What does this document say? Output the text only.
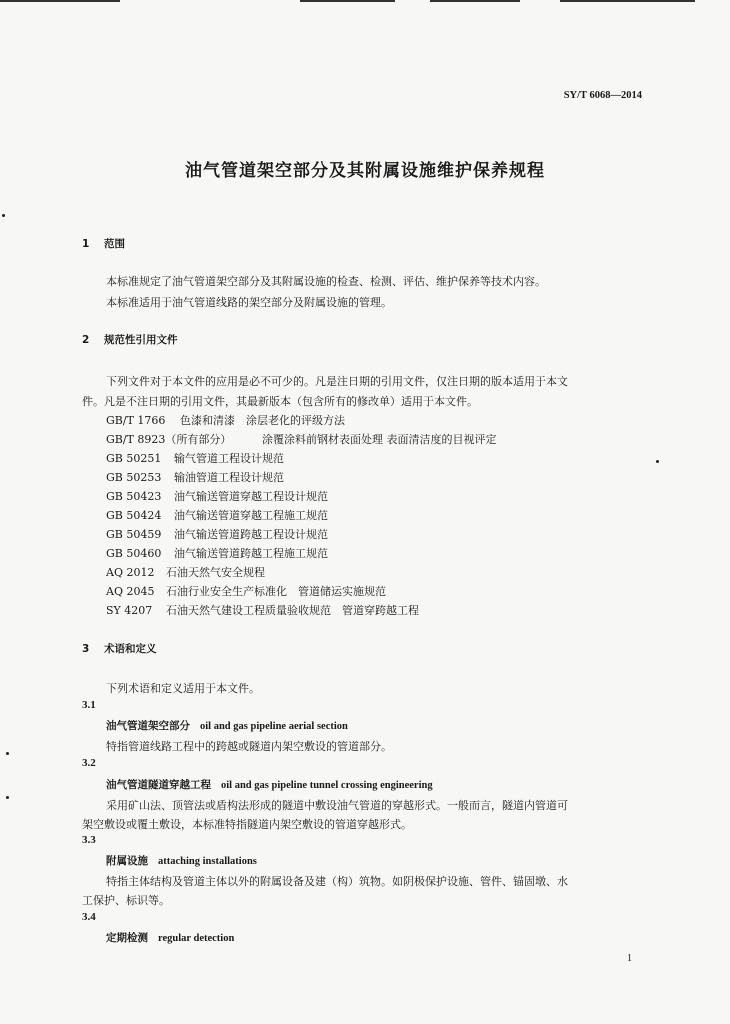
SY/T 6068—2014
油气管道架空部分及其附属设施维护保养规程
1 范围
本标准规定了油气管道架空部分及其附属设施的检查、检测、评估、维护保养等技术内容。
本标准适用于油气管道线路的架空部分及附属设施的管理。
2 规范性引用文件
下列文件对于本文件的应用是必不可少的。凡是注日期的引用文件，仅注日期的版本适用于本文
件。凡是不注日期的引用文件，其最新版本（包含所有的修改单）适用于本文件。
GB/T 1766 色漆和清漆　涂层老化的评级方法
GB/T 8923（所有部分）	涂覆涂料前钢材表面处理 表面清洁度的目视评定
GB 50251 输气管道工程设计规范
GB 50253 输油管道工程设计规范
GB 50423 油气输送管道穿越工程设计规范
GB 50424 油气输送管道穿越工程施工规范
GB 50459 油气输送管道跨越工程设计规范
GB 50460 油气输送管道跨越工程施工规范
AQ 2012 石油天然气安全规程
AQ 2045 石油行业安全生产标准化　管道储运实施规范
SY 4207 石油天然气建设工程质量验收规范　管道穿跨越工程
3 术语和定义
下列术语和定义适用于本文件。
3.1
油气管道架空部分 oil and gas pipeline aerial section
特指管道线路工程中的跨越或隧道内架空敷设的管道部分。
3.2
油气管道隧道穿越工程 oil and gas pipeline tunnel crossing engineering
采用矿山法、顶管法或盾构法形成的隧道中敷设油气管道的穿越形式。一般而言，隧道内管道可
架空敷设或覆土敷设，本标准特指隧道内架空敷设的管道穿越形式。
3.3
附属设施 attaching installations
特指主体结构及管道主体以外的附属设备及建（构）筑物。如阴极保护设施、管件、锚固墩、水
工保护、标识等。
3.4
定期检测 regular detection
1
